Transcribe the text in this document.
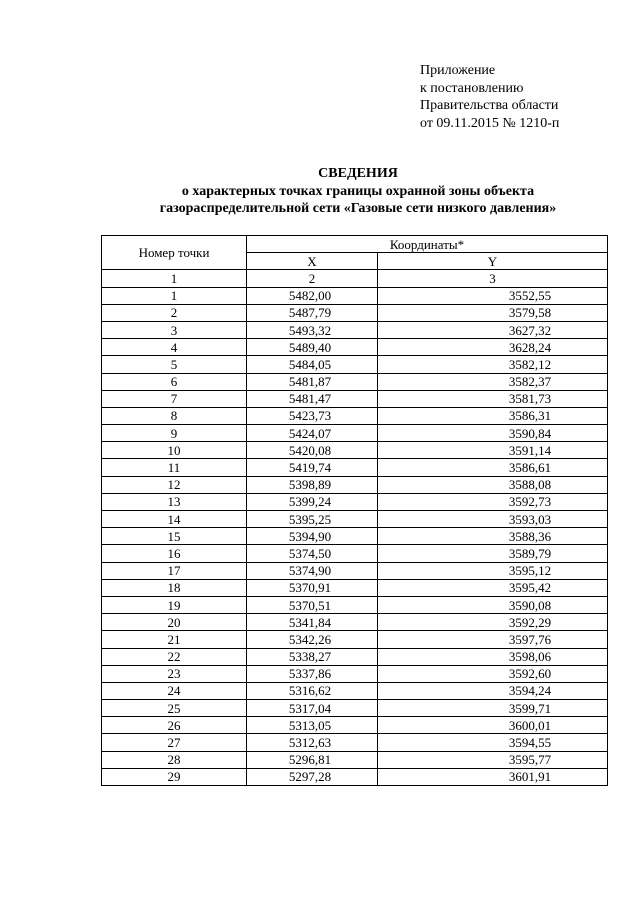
Приложение
к постановлению
Правительства области
от 09.11.2015 № 1210-п
СВЕДЕНИЯ
о характерных точках границы охранной зоны объекта
газораспределительной сети «Газовые сети низкого давления»
Номер точки	Координаты*	
	X	Y
1	2	3
1	5482,00	3552,55
2	5487,79	3579,58
3	5493,32	3627,32
4	5489,40	3628,24
5	5484,05	3582,12
6	5481,87	3582,37
7	5481,47	3581,73
8	5423,73	3586,31
9	5424,07	3590,84
10	5420,08	3591,14
11	5419,74	3586,61
12	5398,89	3588,08
13	5399,24	3592,73
14	5395,25	3593,03
15	5394,90	3588,36
16	5374,50	3589,79
17	5374,90	3595,12
18	5370,91	3595,42
19	5370,51	3590,08
20	5341,84	3592,29
21	5342,26	3597,76
22	5338,27	3598,06
23	5337,86	3592,60
24	5316,62	3594,24
25	5317,04	3599,71
26	5313,05	3600,01
27	5312,63	3594,55
28	5296,81	3595,77
29	5297,28	3601,91
